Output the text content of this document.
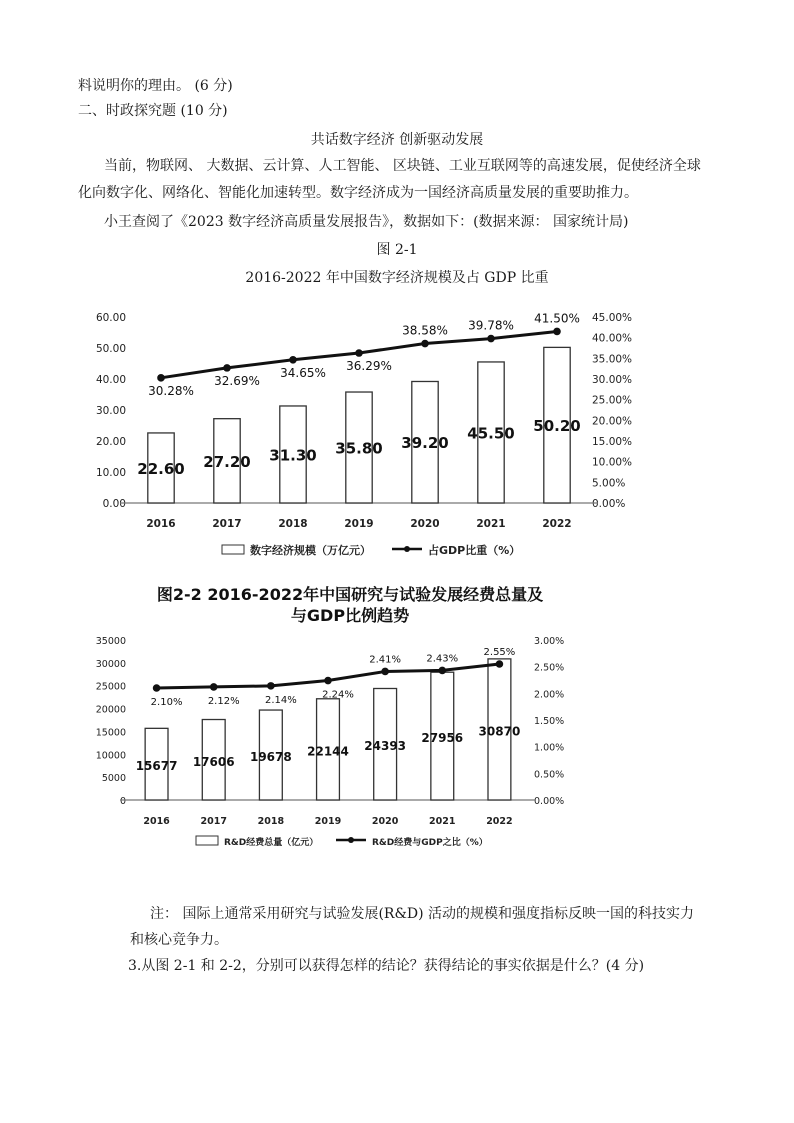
料说明你的理由。 (6 分)
二、时政探究题 (10 分)
共话数字经济 创新驱动发展
当前，物联网、 大数据、云计算、人工智能、 区块链、工业互联网等的高速发展，促使经济全球
化向数字化、网络化、智能化加速转型。数字经济成为一国经济高质量发展的重要助推力。
小王查阅了《2023 数字经济高质量发展报告》，数据如下：(数据来源： 国家统计局)
图 2-1
2016-2022 年中国数字经济规模及占 GDP 比重
0.00
10.00
20.00
30.00
40.00
50.00
60.00
0.00%
5.00%
10.00%
15.00%
20.00%
25.00%
30.00%
35.00%
40.00%
45.00%
22.60
2016
27.20
2017
31.30
2018
35.80
2019
39.20
2020
45.50
2021
50.20
2022
30.28%
32.69%
34.65% 36.29%
38.58% 39.78%
41.50%
数字经济规模（万亿元）	占GDP比重（%）
图2-2 2016-2022年中国研究与试验发展经费总量及
与GDP比例趋势
0
5000
10000
15000
20000
25000
30000
35000
0.00%
0.50%
1.00%
1.50%
2.00%
2.50%
3.00%
15677
2016
17606
2017
19678
2018
22144
2019
24393
2020
27956
2021
30870
2022
2.10%	2.12%	2.14%	2.24%
2.41%	2.43%
2.55%
R&D经费总量（亿元）	R&D经费与GDP之比（%）
注： 国际上通常采用研究与试验发展(R&D) 活动的规模和强度指标反映一国的科技实力
和核心竞争力。
3.从图 2-1 和 2-2，分别可以获得怎样的结论？获得结论的事实依据是什么？(4 分)
